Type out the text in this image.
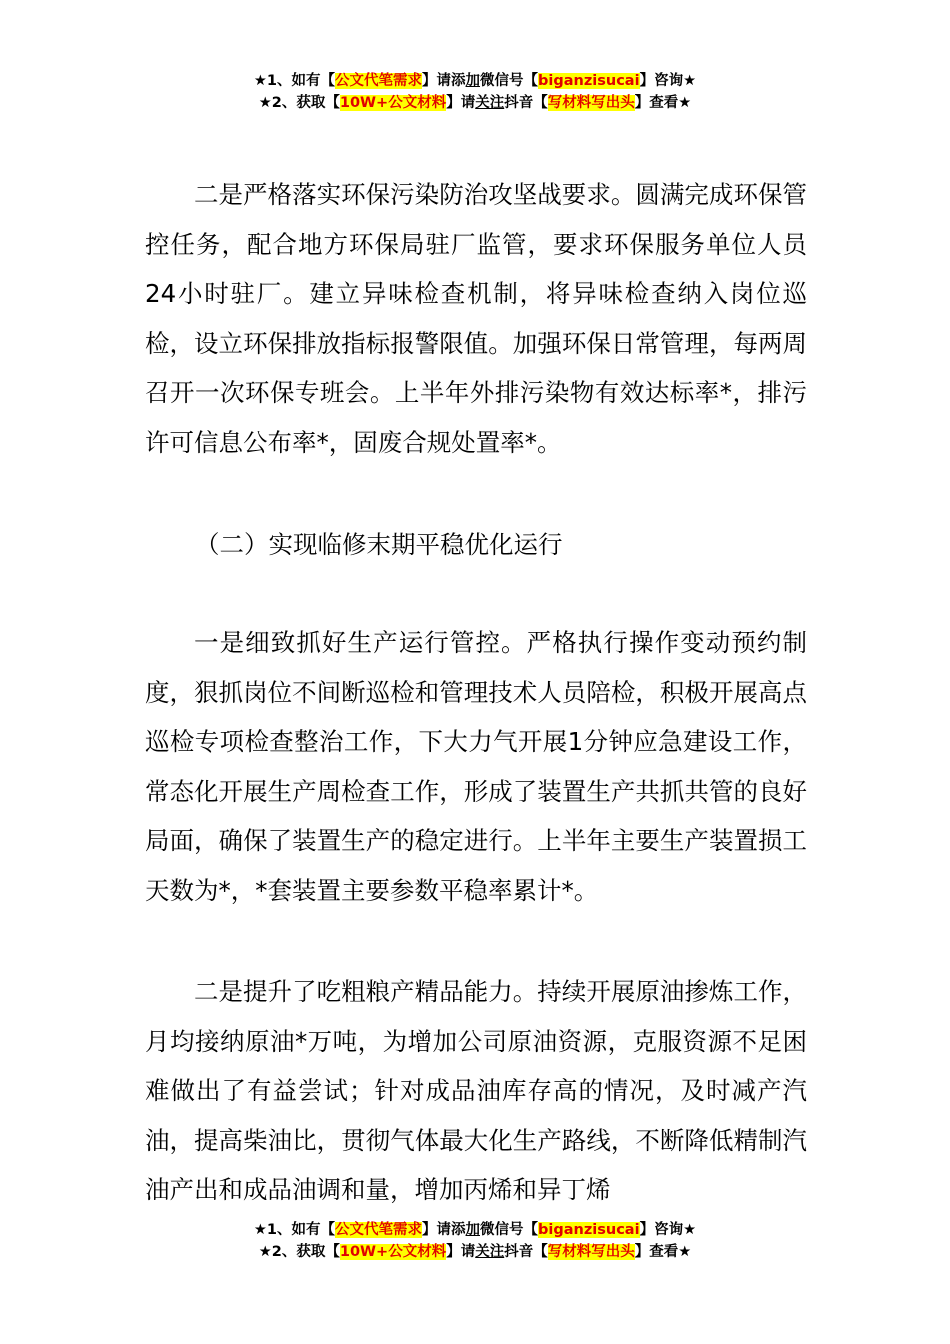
★1、如有【公文代笔需求】请添加微信号【biganzisucai】咨询★
★2、获取【10W+公文材料】请关注抖音【写材料写出头】查看★
二是严格落实环保污染防治攻坚战要求。圆满完成环保管控任务，配合地方环保局驻厂监管，要求环保服务单位人员24小时驻厂。建立异味检查机制，将异味检查纳入岗位巡检，设立环保排放指标报警限值。加强环保日常管理，每两周召开一次环保专班会。上半年外排污染物有效达标率*，排污许可信息公布率*，固废合规处置率*。
（二）实现临修末期平稳优化运行
一是细致抓好生产运行管控。严格执行操作变动预约制度，狠抓岗位不间断巡检和管理技术人员陪检，积极开展高点巡检专项检查整治工作，下大力气开展1分钟应急建设工作，常态化开展生产周检查工作，形成了装置生产共抓共管的良好局面，确保了装置生产的稳定进行。上半年主要生产装置损工天数为*，*套装置主要参数平稳率累计*。
二是提升了吃粗粮产精品能力。持续开展原油掺炼工作，月均接纳原油*万吨，为增加公司原油资源，克服资源不足困难做出了有益尝试；针对成品油库存高的情况，及时减产汽油，提高柴油比，贯彻气体最大化生产路线，不断降低精制汽油产出和成品油调和量，增加丙烯和异丁烯
★1、如有【公文代笔需求】请添加微信号【biganzisucai】咨询★
★2、获取【10W+公文材料】请关注抖音【写材料写出头】查看★
